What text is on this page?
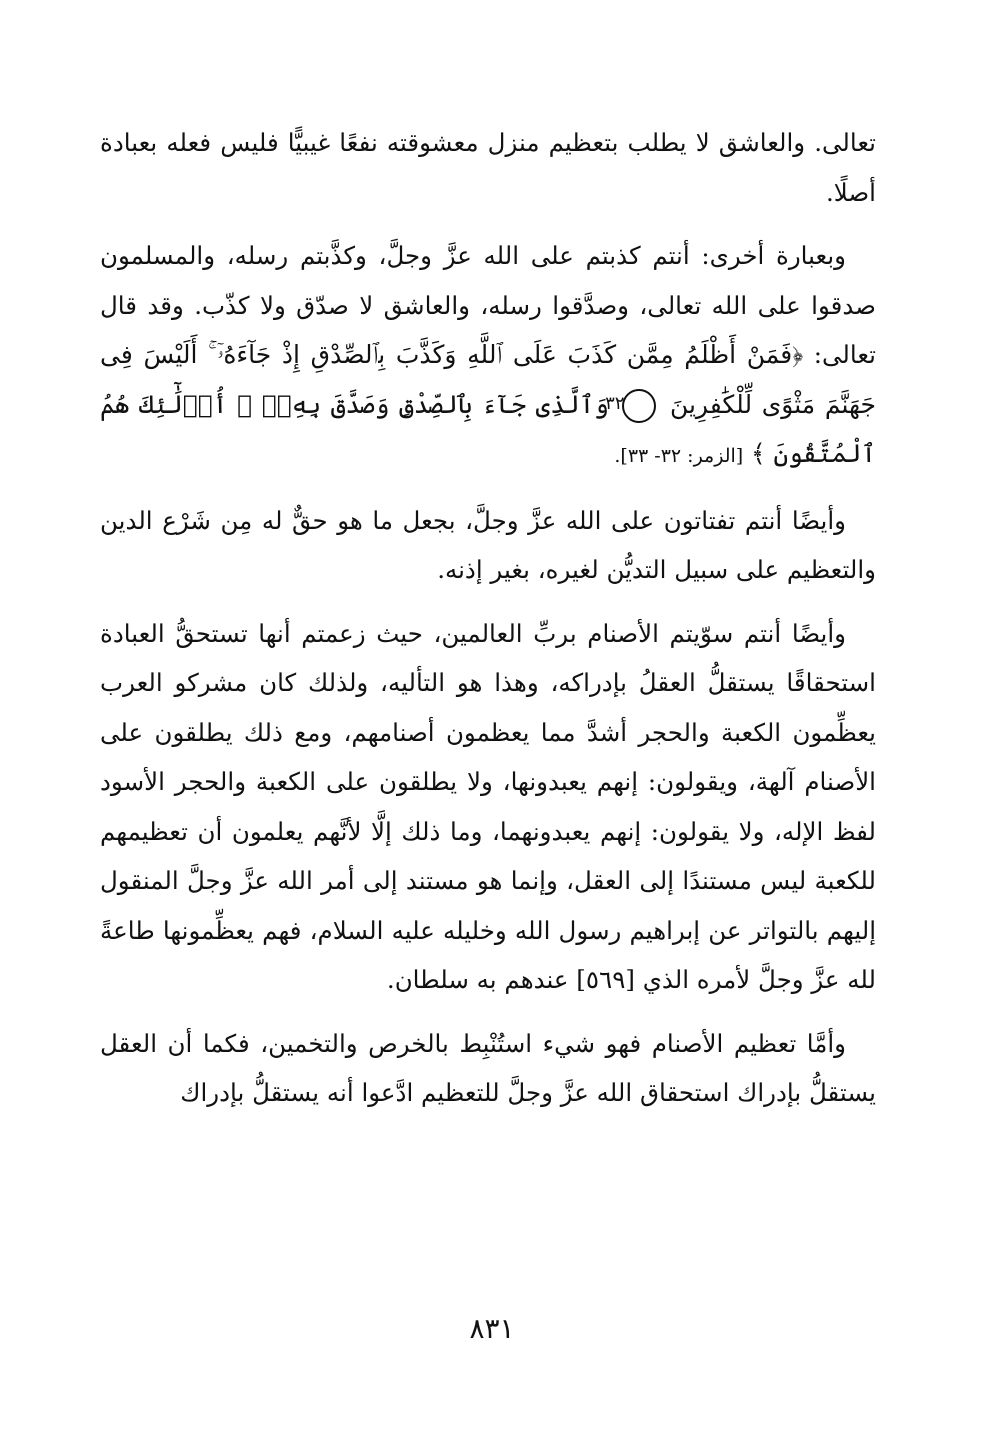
تعالى. والعاشق لا يطلب بتعظيم منزل معشوقته نفعًا غيبيًّا فليس فعله بعبادة أصلًا.

وبعبارة أخرى: أنتم كذبتم على الله عزَّ وجلَّ، وكذَّبتم رسله، والمسلمون صدقوا على الله تعالى، وصدَّقوا رسله، والعاشق لا صدّق ولا كذّب. وقد قال تعالى: ﴿فَمَنْ أَظْلَمُ مِمَّن كَذَبَ عَلَى ٱللَّهِ وَكَذَّبَ بِٱلصِّدْقِ إِذْ جَآءَهُۥٓ ۚ أَلَيْسَ فِى جَهَنَّمَ مَثْوًى لِّلْكَٰفِرِينَ ٣٢ وَٱلَّذِى جَآءَ بِٱلصِّدْقِ وَصَدَّقَ بِهِۦٓ ۙ أُو۟لَٰٓئِكَ هُمُ ٱلْمُتَّقُونَ ﴾ [الزمر: ٣٢- ٣٣].

وأيضًا أنتم تفتاتون على الله عزَّ وجلَّ، بجعل ما هو حقٌّ له مِن شَرْع الدين والتعظيم على سبيل التديُّن لغيره، بغير إذنه.

وأيضًا أنتم سوّيتم الأصنام بربِّ العالمين، حيث زعمتم أنها تستحقُّ العبادة استحقاقًا يستقلُّ العقلُ بإدراكه، وهذا هو التأليه، ولذلك كان مشركو العرب يعظِّمون الكعبة والحجر أشدَّ مما يعظمون أصنامهم، ومع ذلك يطلقون على الأصنام آلهة، ويقولون: إنهم يعبدونها، ولا يطلقون على الكعبة والحجر الأسود لفظ الإله، ولا يقولون: إنهم يعبدونهما، وما ذلك إلَّا لأنَّهم يعلمون أن تعظيمهم للكعبة ليس مستندًا إلى العقل، وإنما هو مستند إلى أمر الله عزَّ وجلَّ المنقول إليهم بالتواتر عن إبراهيم رسول الله وخليله عليه السلام، فهم يعظِّمونها طاعةً لله عزَّ وجلَّ لأمره الذي [٥٦٩] عندهم به سلطان.

وأمَّا تعظيم الأصنام فهو شيء استُنْبِط بالخرص والتخمين، فكما أن العقل يستقلُّ بإدراك استحقاق الله عزَّ وجلَّ للتعظيم ادَّعوا أنه يستقلُّ بإدراك

٨٣١
